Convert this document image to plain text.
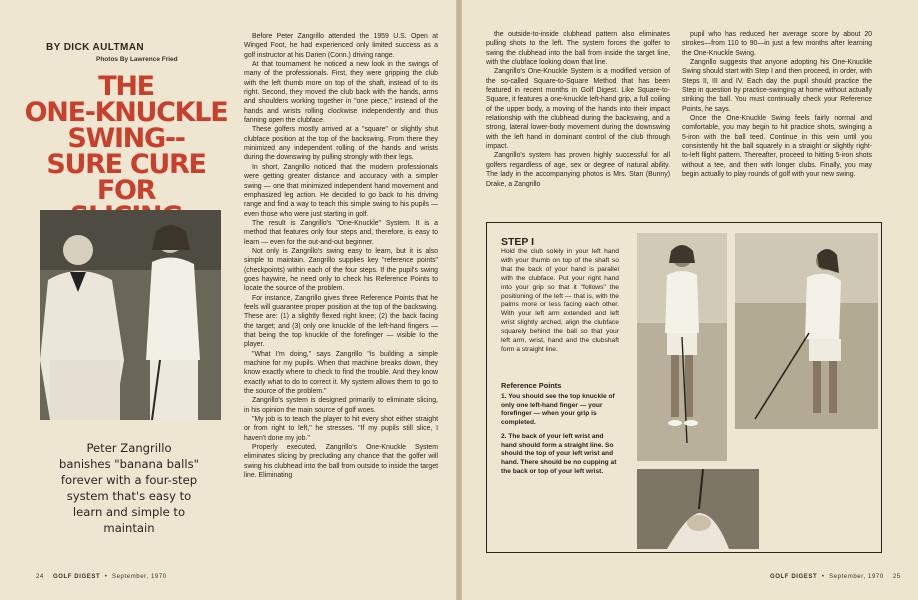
BY DICK AULTMAN
Photos By Lawrence Fried
THE
ONE-KNUCKLE
SWING--
SURE CURE FOR
Peter Zangrillo
banishes "banana balls"
forever with a four-step
system that's easy to
learn and simple to
maintain

Before Peter Zangrillo attended the 1959 U.S. Open at Winged Foot, he had experienced only limited success as a golf instructor at his Darien (Conn.) driving range.

At that tournament he noticed a new look in the swings of many of the professionals. First, they were gripping the club with the left thumb more on top of the shaft, instead of to its right. Second, they moved the club back with the hands, arms and shoulders working together in "one piece," instead of the hands and wrists rolling clockwise independently and thus fanning open the clubface.

These golfers mostly arrived at a "square" or slightly shut clubface position at the top of the backswing. From there they minimized any independent rolling of the hands and wrists during the downswing by pulling strongly with their legs.

In short, Zangrillo noticed that the modern professionals were getting greater distance and accuracy with a simpler swing — one that minimized independent hand movement and emphasized leg action. He decided to go back to his driving range and find a way to teach this simple swing to his pupils — even those who were just starting in golf.

The result is Zangrillo's "One-Knuckle" System. It is a method that features only four steps and, therefore, is easy to learn — even for the out-and-out beginner.

Not only is Zangrillo's swing easy to learn, but it is also simple to maintain. Zangrillo supplies key "reference points" (checkpoints) within each of the four steps. If the pupil's swing goes haywire, he need only to check his Reference Points to locate the source of the problem.

For instance, Zangrillo gives three Reference Points that he feels will guarantee proper position at the top of the backswing. These are: (1) a slightly flexed right knee; (2) the back facing the target; and (3) only one knuckle of the left-hand fingers — that being the top knuckle of the forefinger — visible to the player.

"What I'm doing," says Zangrillo "is building a simple machine for my pupils. When that machine breaks down, they know exactly where to check to find the trouble. And they know exactly what to do to correct it. My system allows them to go to the source of the problem."

Zangrillo's system is designed primarily to eliminate slicing, in his opinion the main source of golf woes.

"My job is to teach the player to hit every shot either straight or from right to left," he stresses. "If my pupils still slice, I haven't done my job."

Properly executed, Zangrillo's One-Knuckle System eliminates slicing by precluding any chance that the golfer will swing his clubhead into the ball from outside to inside the target line. Eliminating

24 GOLF DIGEST  •  September, 1970

the outside-to-inside clubhead pattern also eliminates pulling shots to the left. The system forces the golfer to swing the clubhead into the ball from inside the target line, with the clubface looking down that line.

Zangrillo's One-Knuckle System is a modified version of the so-called Square-to-Square Method that has been featured in recent months in Golf Digest. Like Square-to-Square, it features a one-knuckle left-hand grip, a full coiling of the upper body, a moving of the hands into their impact relationship with the clubhead during the backswing, and a strong, lateral lower-body movement during the downswing with the left hand in dominant control of the club through impact.

Zangrillo's system has proven highly successful for all golfers regardless of age, sex or degree of natural ability. The lady in the accompanying photos is Mrs. Stan (Bunny) Drake, a Zangrillo

pupil who has reduced her average score by about 20 strokes—from 110 to 90—in just a few months after learning the One-Knuckle Swing.

Zangrillo suggests that anyone adopting his One-Knuckle Swing should start with Step I and then proceed, in order, with Steps II, III and IV. Each day the pupil should practice the Step in question by practice-swinging at home without actually striking the ball. You must continually check your Reference Points, he says.

Once the One-Knuckle Swing feels fairly normal and comfortable, you may begin to hit practice shots, swinging a 5-iron with the ball teed. Continue in this vein until you consistently hit the ball squarely in a straight or slightly right-to-left flight pattern. Thereafter, proceed to hitting 5-iron shots without a tee, and then with longer clubs. Finally, you may begin actually to play rounds of golf with your new swing.

STEP I
Hold the club solely in your left hand with your thumb on top of the shaft so that the back of your hand is parallel with the clubface. Put your right hand into your grip so that it "follows" the positioning of the left — that is, with the palms more or less facing each other. With your left arm extended and left wrist slightly arched, align the clubface squarely behind the ball so that your left arm, wrist, hand and the clubshaft form a straight line.
Reference Points
1. You should see the top knuckle of only one left-hand finger — your forefinger — when your grip is completed.
2. The back of your left wrist and hand should form a straight line. So should the top of your left wrist and hand. There should be no cupping at the back or top of your left wrist.
GOLF DIGEST  •  September, 1970 25
